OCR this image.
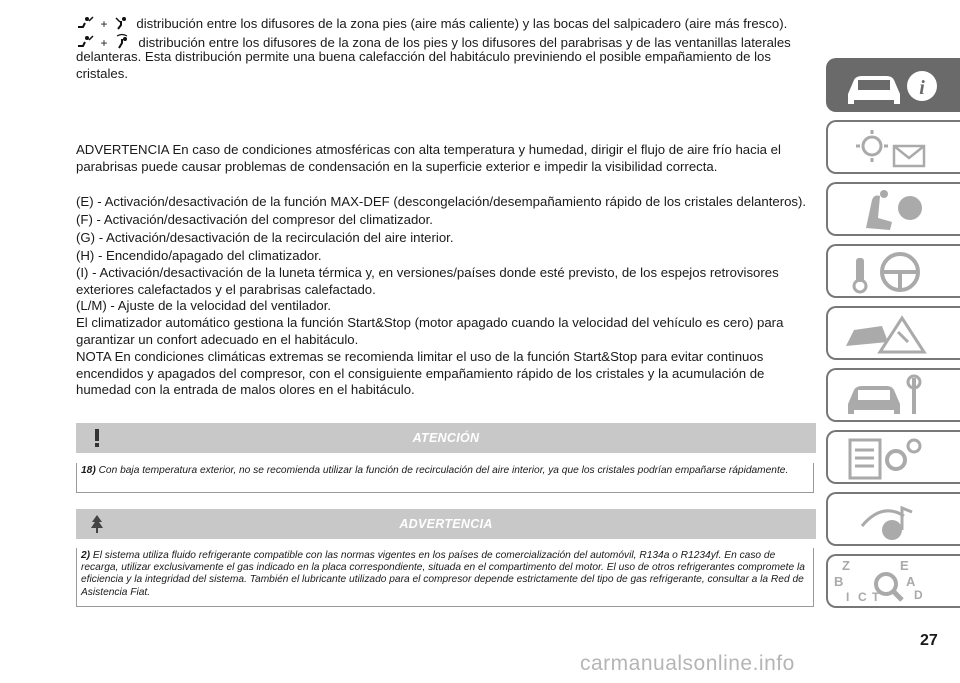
+ distribución entre los difusores de la zona pies (aire más caliente) y las bocas del salpicadero (aire más fresco).
+ distribución entre los difusores de la zona de los pies y los difusores del parabrisas y de las ventanillas laterales

delanteras. Esta distribución permite una buena calefacción del habitáculo previniendo el posible empañamiento de los cristales.

ADVERTENCIA En caso de condiciones atmosféricas con alta temperatura y humedad, dirigir el flujo de aire frío hacia el parabrisas puede causar problemas de condensación en la superficie exterior e impedir la visibilidad correcta.

(E) - Activación/desactivación de la función MAX-DEF (descongelación/desempañamiento rápido de los cristales delanteros).

(F) - Activación/desactivación del compresor del climatizador.

(G) - Activación/desactivación de la recirculación del aire interior.

(H) - Encendido/apagado del climatizador.

(I) - Activación/desactivación de la luneta térmica y, en versiones/países donde esté previsto, de los espejos retrovisores exteriores calefactados y el parabrisas calefactado.

(L/M) - Ajuste de la velocidad del ventilador.

El climatizador automático gestiona la función Start&Stop (motor apagado cuando la velocidad del vehículo es cero) para garantizar un confort adecuado en el habitáculo.

NOTA En condiciones climáticas extremas se recomienda limitar el uso de la función Start&Stop para evitar continuos encendidos y apagados del compresor, con el consiguiente empañamiento rápido de los cristales y la acumulación de humedad con la entrada de malos olores en el habitáculo.

ATENCIÓN
18) Con baja temperatura exterior, no se recomienda utilizar la función de recirculación del aire interior, ya que los cristales podrían empañarse rápidamente.
ADVERTENCIA
2) El sistema utiliza fluido refrigerante compatible con las normas vigentes en los países de comercialización del automóvil, R134a o R1234yf. En caso de recarga, utilizar exclusivamente el gas indicado en la placa correspondiente, situada en el compartimento del motor. El uso de otros refrigerantes compromete la eficiencia y la integridad del sistema. También el lubricante utilizado para el compresor depende estrictamente del tipo de gas refrigerante, consultar a la Red de Asistencia Fiat.
i
Z	E
B	A
I C T	D
27
carmanualsonline.info
